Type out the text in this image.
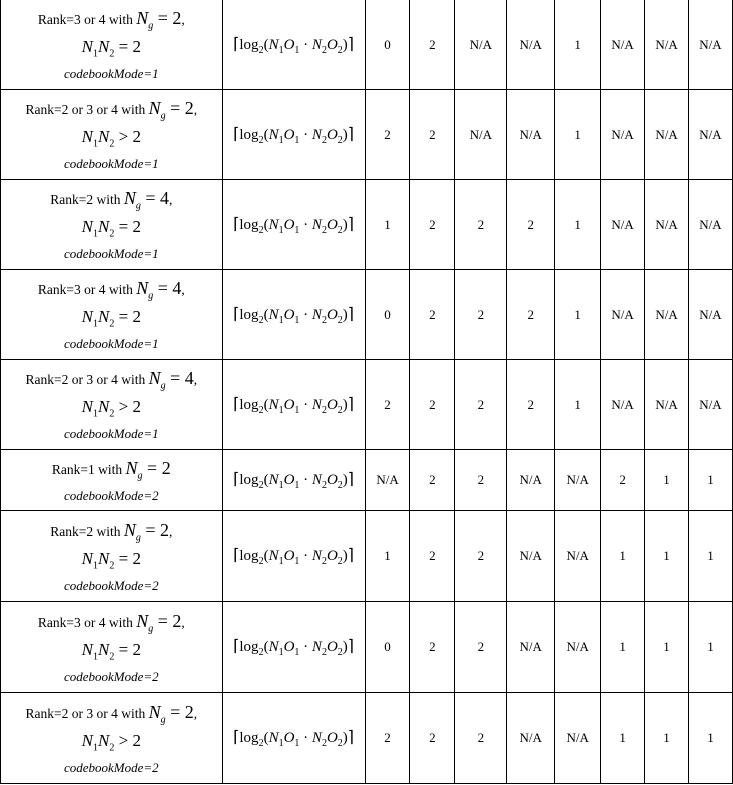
Rank=3 or 4 with $N_g = 2$,
$N_1N_2 = 2$
codebookMode=1	$⌈\log_2(N_1O_1$ · $N_2O_2)⌉$	0	2	N/A	N/A	1	N/A	N/A	N/A

Rank=2 or 3 or 4 with $N_g = 2$,
$N_1N_2 > 2$
codebookMode=1	$⌈\log_2(N_1O_1$ · $N_2O_2)⌉$	2	2	N/A	N/A	1	N/A	N/A	N/A

Rank=2 with $N_g = 4$,
$N_1N_2 = 2$
codebookMode=1	$⌈\log_2(N_1O_1$ · $N_2O_2)⌉$	1	2	2	2	1	N/A	N/A	N/A

Rank=3 or 4 with $N_g = 4$,
$N_1N_2 = 2$
codebookMode=1	$⌈\log_2(N_1O_1$ · $N_2O_2)⌉$	0	2	2	2	1	N/A	N/A	N/A

Rank=2 or 3 or 4 with $N_g = 4$,
$N_1N_2 > 2$
codebookMode=1	$⌈\log_2(N_1O_1$ · $N_2O_2)⌉$	2	2	2	2	1	N/A	N/A	N/A

Rank=1 with $N_g = 2$
codebookMode=2	$⌈\log_2(N_1O_1$ · $N_2O_2)⌉$	N/A	2	2	N/A	N/A	2	1	1

Rank=2 with $N_g = 2$,
$N_1N_2 = 2$
codebookMode=2	$⌈\log_2(N_1O_1$ · $N_2O_2)⌉$	1	2	2	N/A	N/A	1	1	1

Rank=3 or 4 with $N_g = 2$,
$N_1N_2 = 2$
codebookMode=2	$⌈\log_2(N_1O_1$ · $N_2O_2)⌉$	0	2	2	N/A	N/A	1	1	1

Rank=2 or 3 or 4 with $N_g = 2$,
$N_1N_2 > 2$
codebookMode=2	$⌈\log_2(N_1O_1$ · $N_2O_2)⌉$	2	2	2	N/A	N/A	1	1	1
